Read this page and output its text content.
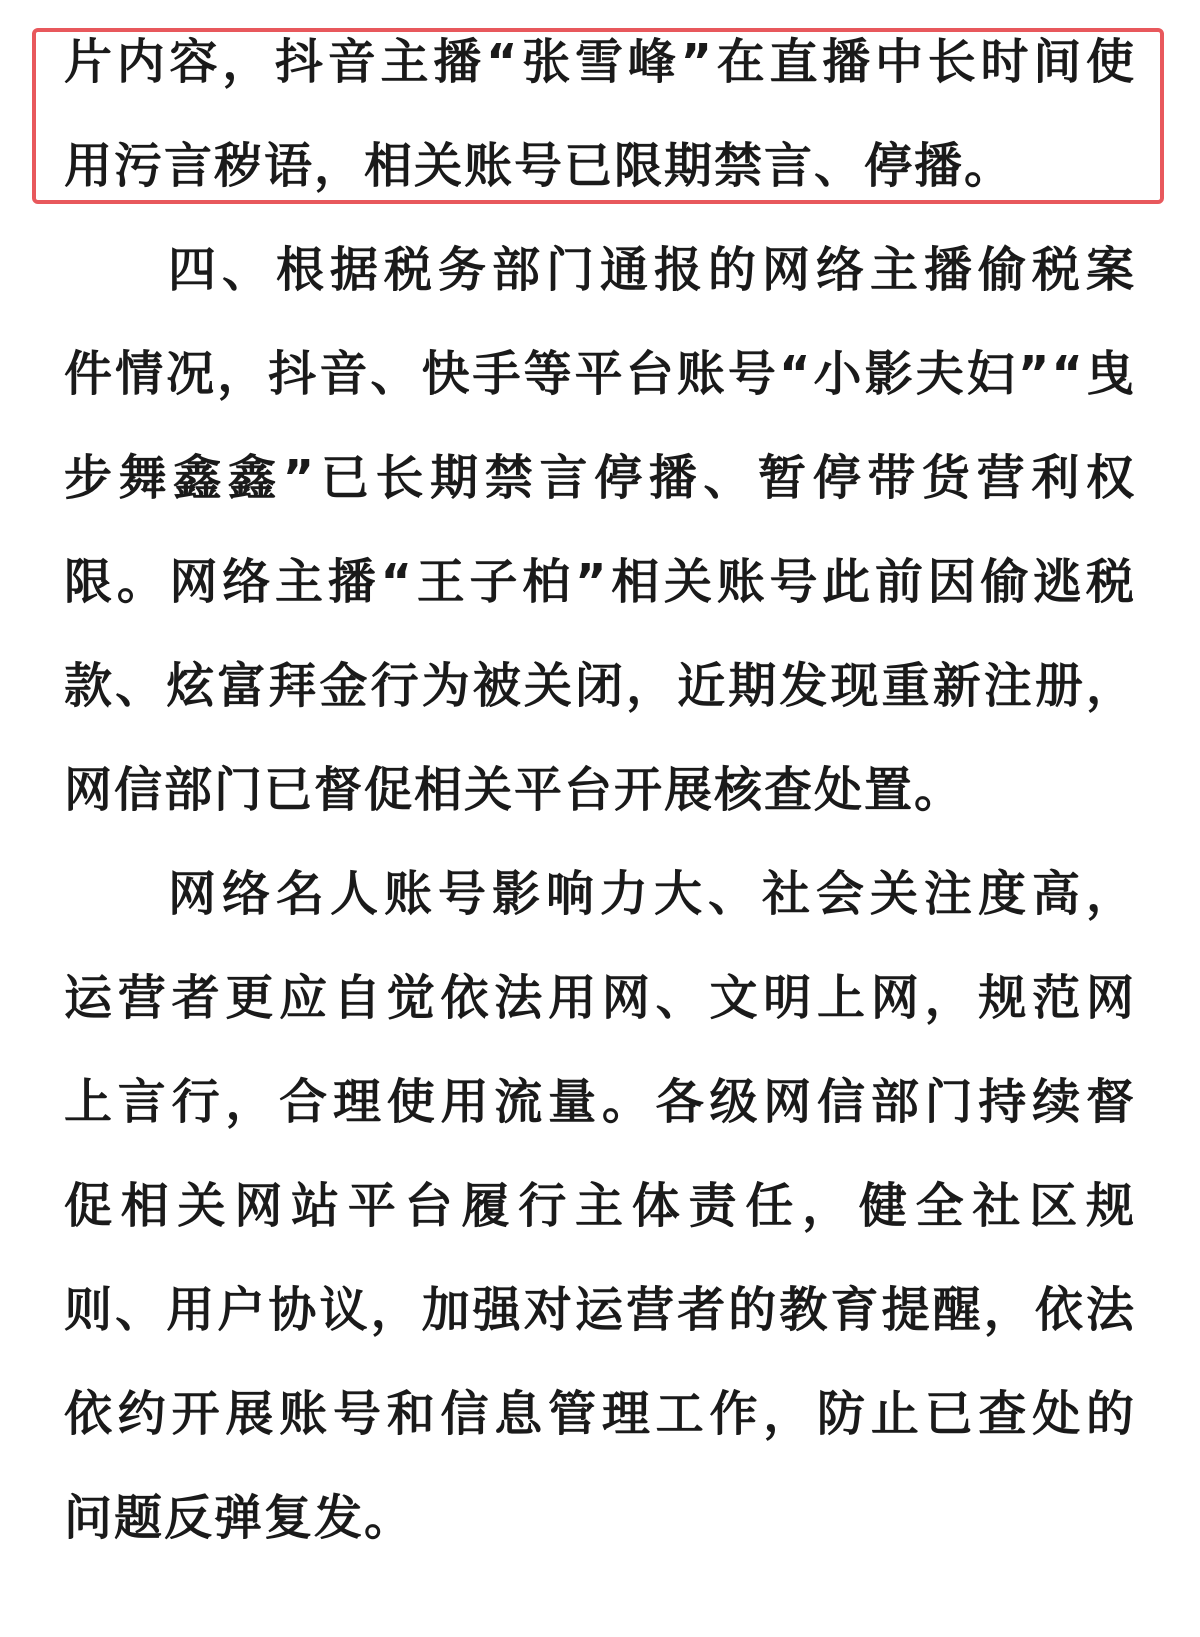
片内容，抖音主播“张雪峰”在直播中长时间使
用污言秽语，相关账号已限期禁言、停播。
四、根据税务部门通报的网络主播偷税案
件情况，抖音、快手等平台账号“小影夫妇”“曳
步舞鑫鑫”已长期禁言停播、暂停带货营利权
限。网络主播“王子柏”相关账号此前因偷逃税
款、炫富拜金行为被关闭，近期发现重新注册，
网信部门已督促相关平台开展核查处置。
网络名人账号影响力大、社会关注度高，
运营者更应自觉依法用网、文明上网，规范网
上言行，合理使用流量。各级网信部门持续督
促相关网站平台履行主体责任，健全社区规
则、用户协议，加强对运营者的教育提醒，依法
依约开展账号和信息管理工作，防止已查处的
问题反弹复发。
